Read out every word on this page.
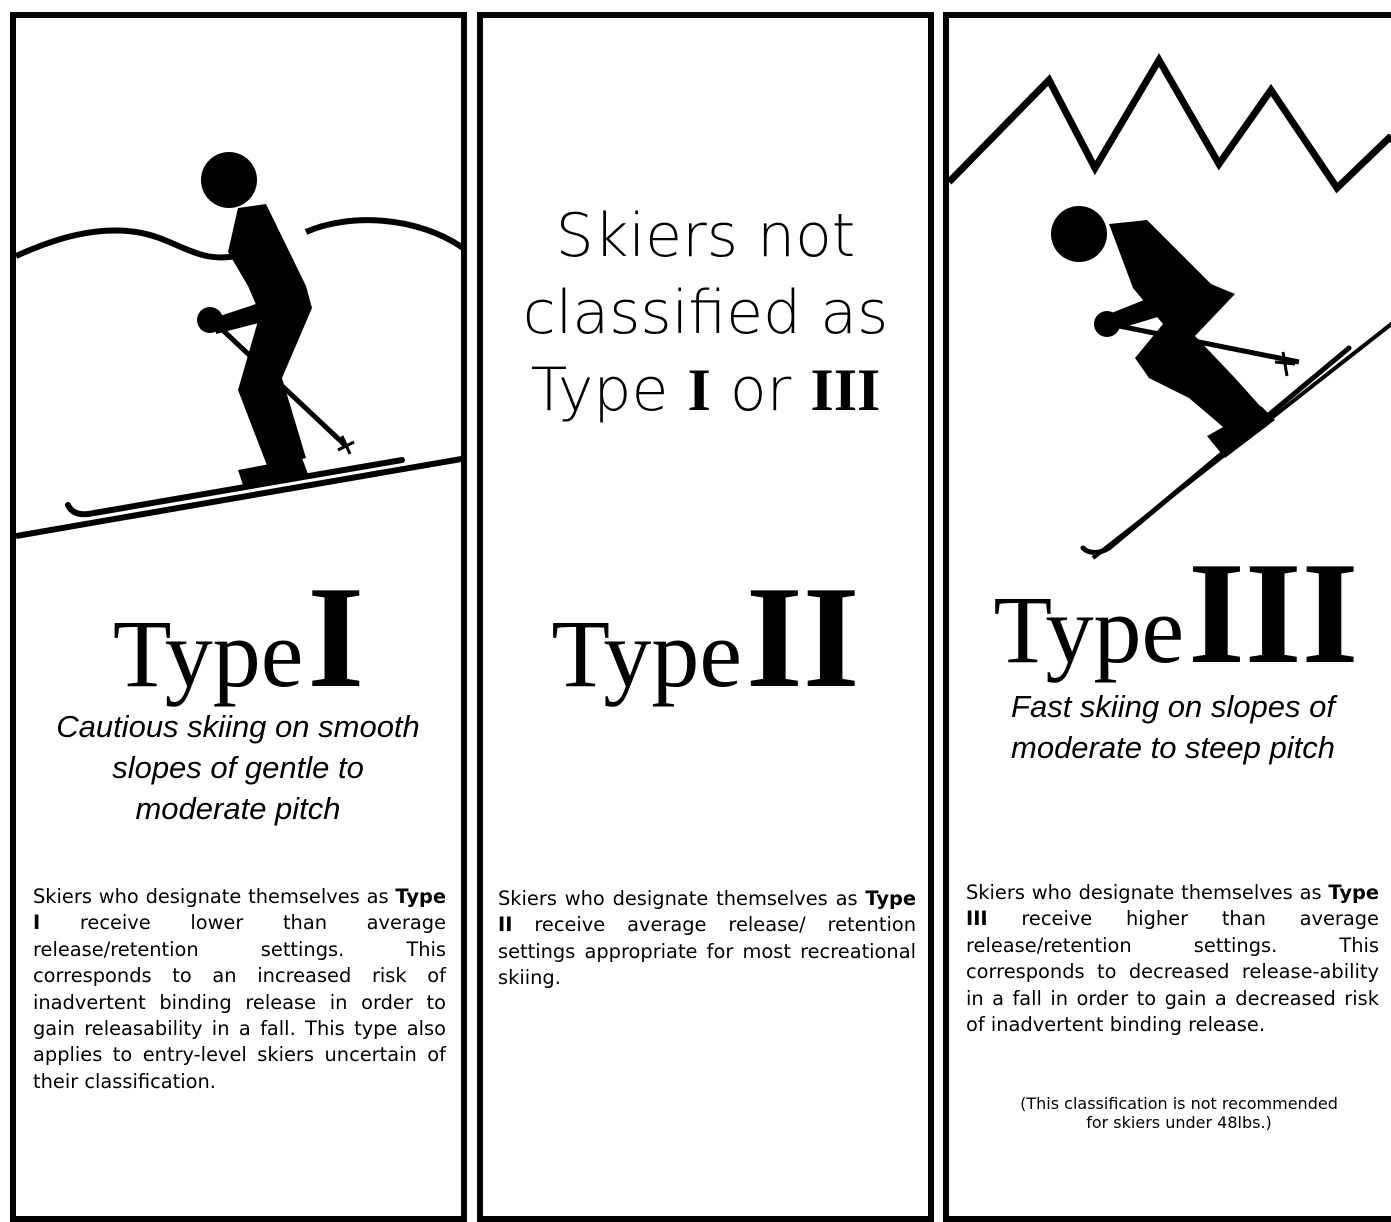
Type I
Cautious skiing on smooth
slopes of gentle to
moderate pitch
Skiers who designate themselves as Type I receive lower than average release/retention settings. This corresponds to an increased risk of inadvertent binding release in order to gain releasability in a fall. This type also applies to entry-level skiers uncertain of their classification.
Skiers not
classified as
Type I or III
Type II
Skiers who designate themselves as Type II receive average release/ retention settings appropriate for most recreational skiing.
Type III
Fast skiing on slopes of
moderate to steep pitch
Skiers who designate themselves as Type III receive higher than average release/retention settings. This corresponds to decreased release-ability in a fall in order to gain a decreased risk of inadvertent binding release.
(This classification is not recommended
for skiers under 48lbs.)
